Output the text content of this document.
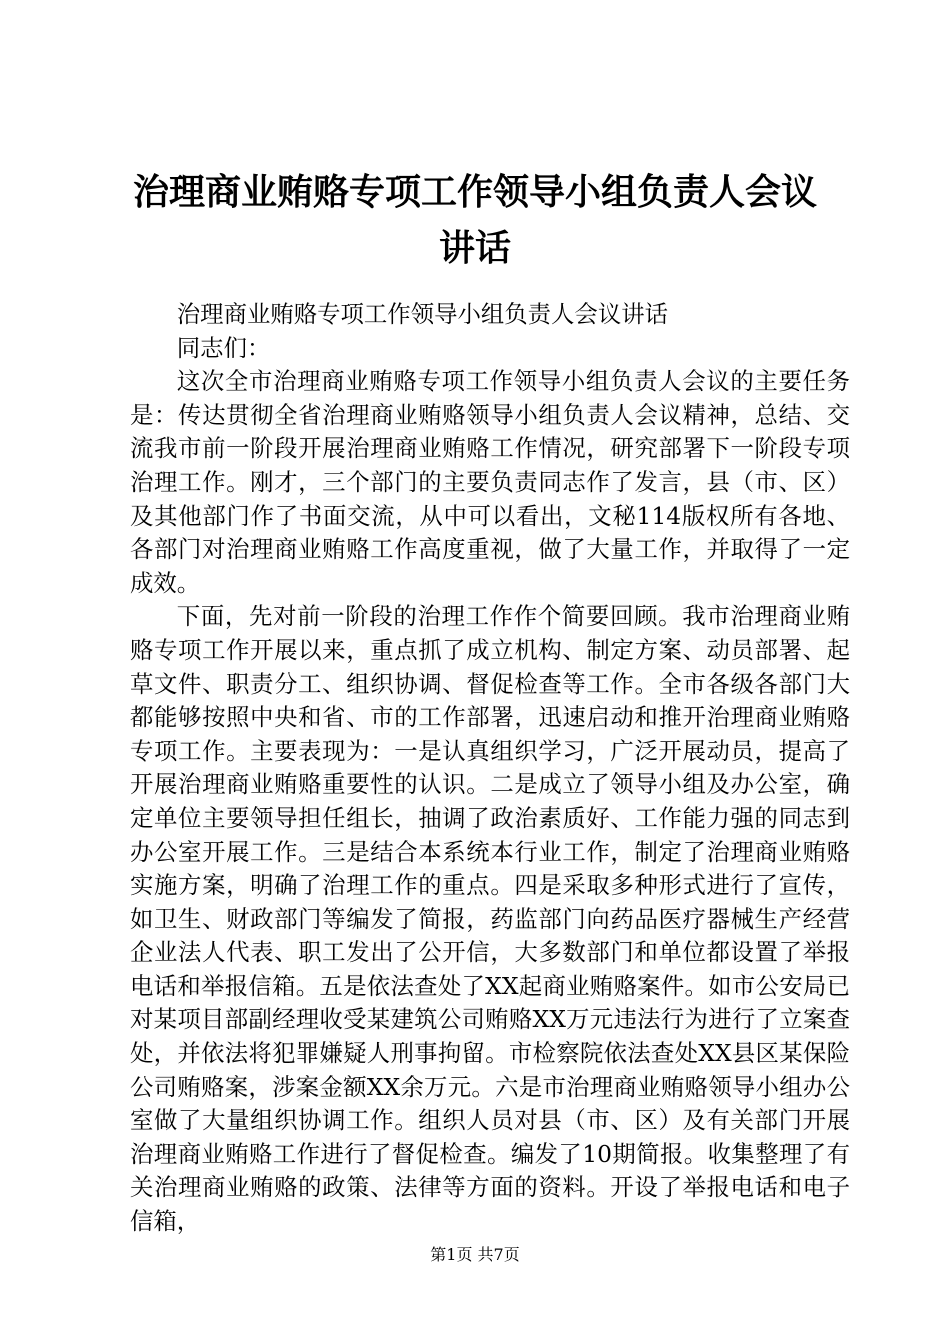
治理商业贿赂专项工作领导小组负责人会议讲话

治理商业贿赂专项工作领导小组负责人会议讲话

同志们：

这次全市治理商业贿赂专项工作领导小组负责人会议的主要任务是：传达贯彻全省治理商业贿赂领导小组负责人会议精神，总结、交流我市前一阶段开展治理商业贿赂工作情况，研究部署下一阶段专项治理工作。刚才，三个部门的主要负责同志作了发言，县（市、区）及其他部门作了书面交流，从中可以看出，文秘114版权所有各地、各部门对治理商业贿赂工作高度重视，做了大量工作，并取得了一定成效。

下面，先对前一阶段的治理工作作个简要回顾。我市治理商业贿赂专项工作开展以来，重点抓了成立机构、制定方案、动员部署、起草文件、职责分工、组织协调、督促检查等工作。全市各级各部门大都能够按照中央和省、市的工作部署，迅速启动和推开治理商业贿赂专项工作。主要表现为：一是认真组织学习，广泛开展动员，提高了开展治理商业贿赂重要性的认识。二是成立了领导小组及办公室，确定单位主要领导担任组长，抽调了政治素质好、工作能力强的同志到办公室开展工作。三是结合本系统本行业工作，制定了治理商业贿赂实施方案，明确了治理工作的重点。四是采取多种形式进行了宣传，如卫生、财政部门等编发了简报，药监部门向药品医疗器械生产经营企业法人代表、职工发出了公开信，大多数部门和单位都设置了举报电话和举报信箱。五是依法查处了XX起商业贿赂案件。如市公安局已对某项目部副经理收受某建筑公司贿赂XX万元违法行为进行了立案查处，并依法将犯罪嫌疑人刑事拘留。市检察院依法查处XX县区某保险公司贿赂案，涉案金额XX余万元。六是市治理商业贿赂领导小组办公室做了大量组织协调工作。组织人员对县（市、区）及有关部门开展治理商业贿赂工作进行了督促检查。编发了10期简报。收集整理了有关治理商业贿赂的政策、法律等方面的资料。开设了举报电话和电子信箱，

第1页 共7页
